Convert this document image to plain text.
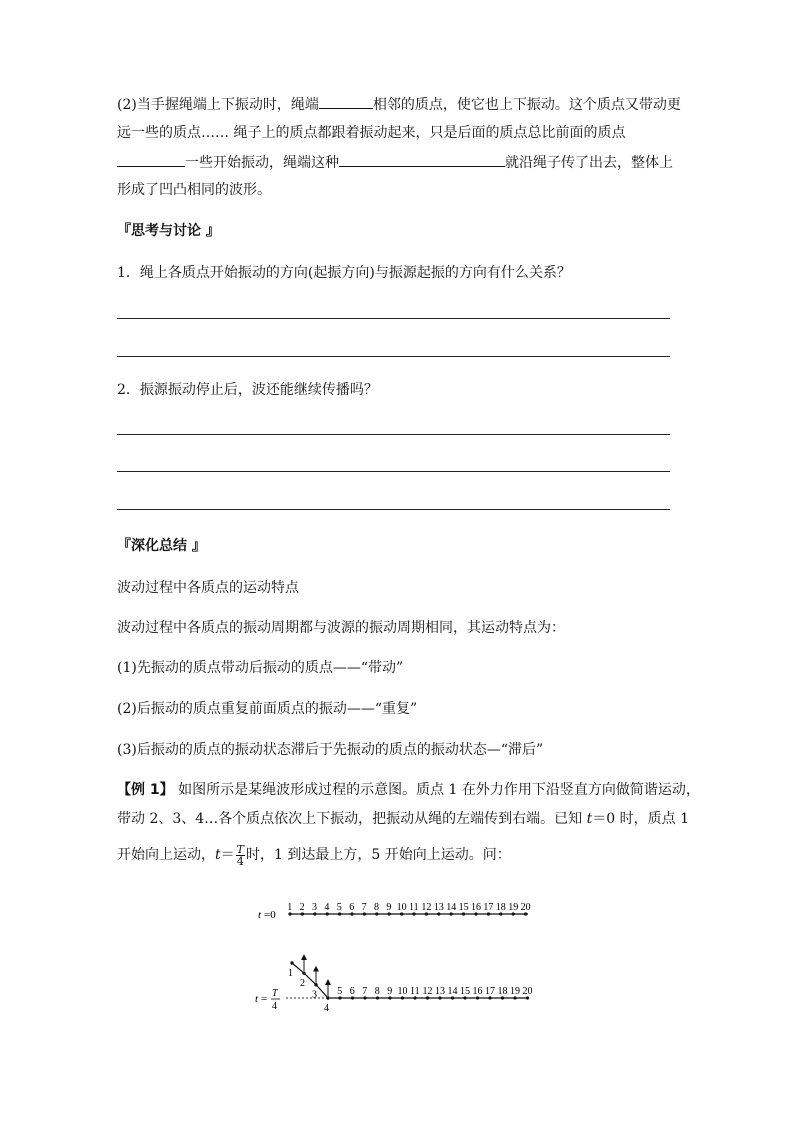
(2)当手握绳端上下振动时，绳端	相邻的质点，使它也上下振动。这个质点又带动更
远一些的质点…… 绳子上的质点都跟着振动起来，只是后面的质点总比前面的质点
一些开始振动，绳端这种	就沿绳子传了出去，整体上
形成了凹凸相同的波形。
『思考与讨论 』
1．绳上各质点开始振动的方向(起振方向)与振源起振的方向有什么关系？
2．振源振动停止后，波还能继续传播吗？
『深化总结 』
波动过程中各质点的运动特点
波动过程中各质点的振动周期都与波源的振动周期相同，其运动特点为：
(1)先振动的质点带动后振动的质点——“带动”
(2)后振动的质点重复前面质点的振动——“重复”
(3)后振动的质点的振动状态滞后于先振动的质点的振动状态—“滞后”
【例 1】 如图所示是某绳波形成过程的示意图。质点 1 在外力作用下沿竖直方向做简谐运动，
带动 2、3、4…各个质点依次上下振动，把振动从绳的左端传到右端。已知 t＝0 时，质点 1
开始向上运动，$t= \frac{T}{4}$ 时，1 到达最上方，5 开始向上运动。问：
t =0
1 2 3 4 5 6 7 8 9 10 11 12 13 14 15 16 17 18 19 20
t = T
4
1
2
3
4
5 6 7 8 9 10 11 12 13 14 15 16 17 18 19 20
